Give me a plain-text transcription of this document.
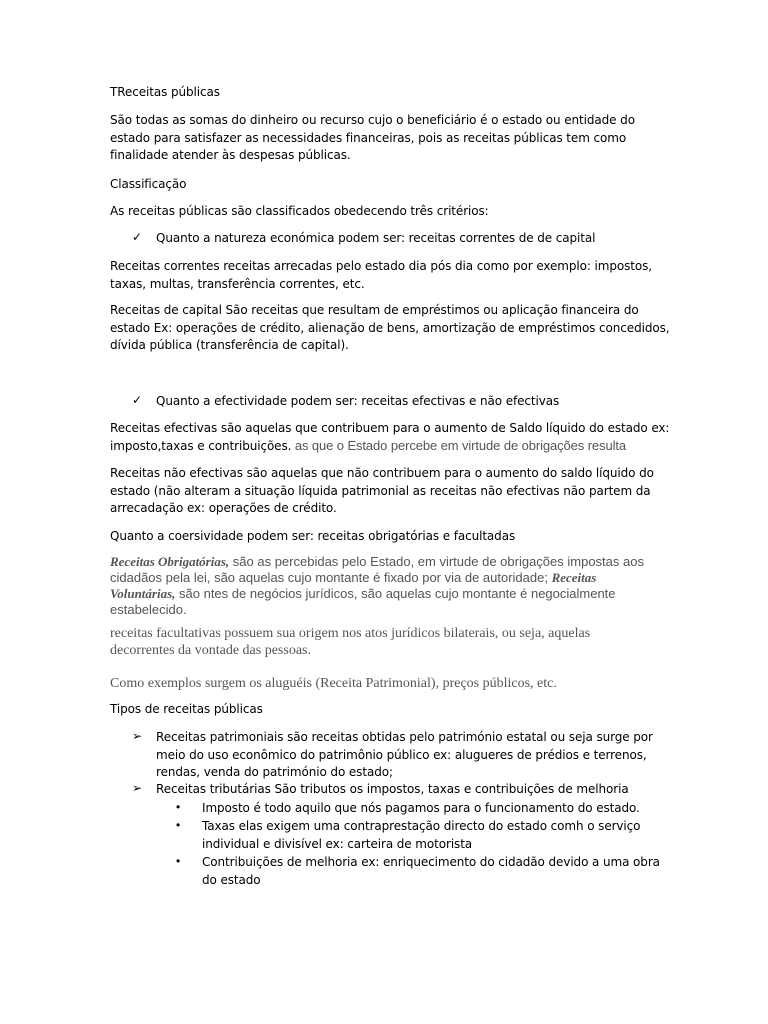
TReceitas públicas

São todas as somas do dinheiro ou recurso cujo o beneficiário é o estado ou entidade do estado para satisfazer as necessidades financeiras, pois as receitas públicas tem como finalidade atender às despesas públicas.

Classificação

As receitas públicas são classificados obedecendo três critérios:

✓ Quanto a natureza económica podem ser: receitas correntes de de capital

Receitas correntes receitas arrecadas pelo estado dia pós dia como por exemplo: impostos, taxas, multas, transferência correntes, etc.

Receitas de capital São receitas que resultam de empréstimos ou aplicação financeira do estado Ex: operações de crédito, alienação de bens, amortização de empréstimos concedidos, dívida pública (transferência de capital).

✓ Quanto a efectividade podem ser: receitas efectivas e não efectivas

Receitas efectivas são aquelas que contribuem para o aumento de Saldo líquido do estado ex: imposto,taxas e contribuições. as que o Estado percebe em virtude de obrigações resulta

Receitas não efectivas são aquelas que não contribuem para o aumento do saldo líquido do estado (não alteram a situação líquida patrimonial as receitas não efectivas não partem da arrecadação ex: operações de crédito.

Quanto a coersividade podem ser: receitas obrigatórias e facultadas

Receitas Obrigatórias, são as percebidas pelo Estado, em virtude de obrigações impostas aos cidadãos pela lei, são aquelas cujo montante é fixado por via de autoridade; Receitas Voluntárias, são ntes de negócios jurídicos, são aquelas cujo montante é negocialmente estabelecido.

receitas facultativas possuem sua origem nos atos jurídicos bilaterais, ou seja, aquelas decorrentes da vontade das pessoas.

Como exemplos surgem os aluguéis (Receita Patrimonial), preços públicos, etc.

Tipos de receitas públicas

➢ Receitas patrimoniais são receitas obtidas pelo património estatal ou seja surge por meio do uso econômico do patrimônio público ex: alugueres de prédios e terrenos, rendas, venda do património do estado;
➢ Receitas tributárias São tributos os impostos, taxas e contribuições de melhoria
• Imposto é todo aquilo que nós pagamos para o funcionamento do estado.
• Taxas elas exigem uma contraprestação directo do estado comh o serviço individual e divisível ex: carteira de motorista
• Contribuições de melhoria ex: enriquecimento do cidadão devido a uma obra do estado
